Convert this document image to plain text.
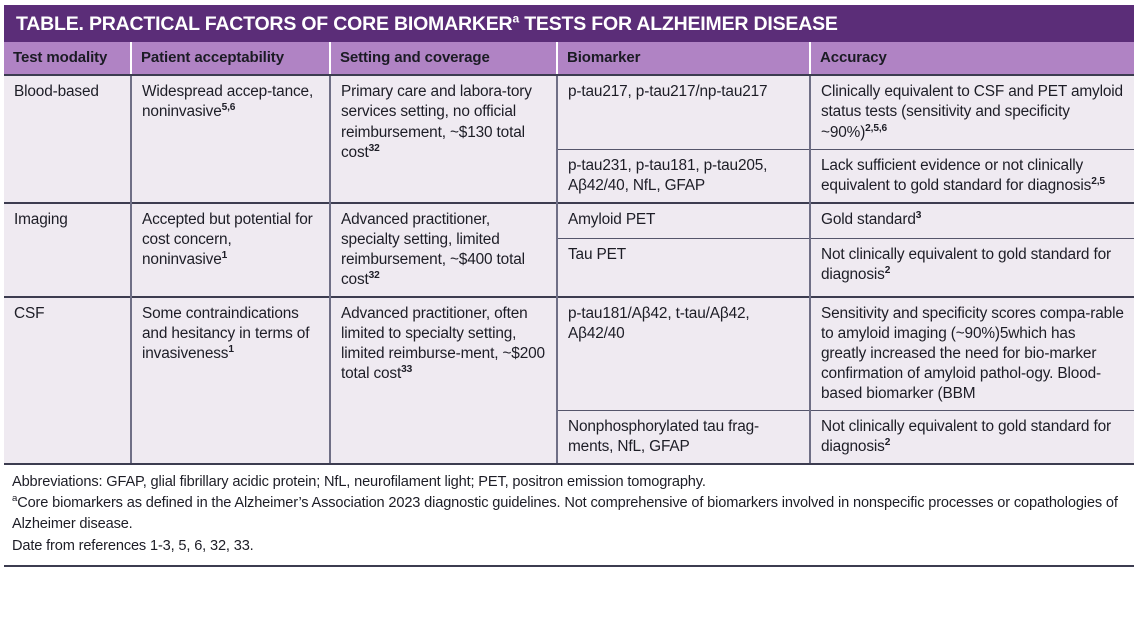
TABLE. PRACTICAL FACTORS OF CORE BIOMARKER$^a$ TESTS FOR ALZHEIMER DISEASE
Test modality	Patient acceptability	Setting and coverage	Biomarker	Accuracy
Blood-based	Widespread accep-tance, noninvasive$^{5,6}$	Primary care and labora-tory services setting, no official reimbursement, ~$130 total cost$^{32}$	p-tau217, p-tau217/np-tau217	Clinically equivalent to CSF and PET amyloid status tests (sensitivity and specificity ~90%)$^{2,5,6}$
			p-tau231, p-tau181, p-tau205, Aβ42/40, NfL, GFAP	Lack sufficient evidence or not clinically equivalent to gold standard for diagnosis$^{2,5}$
Imaging	Accepted but potential for cost concern, noninvasive$^1$	Advanced practitioner, specialty setting, limited reimbursement, ~$400 total cost$^{32}$	Amyloid PET	Gold standard$^3$
			Tau PET	Not clinically equivalent to gold standard for diagnosis$^2$
CSF	Some contraindications and hesitancy in terms of invasiveness$^1$	Advanced practitioner, often limited to specialty setting, limited reimburse-ment, ~$200 total cost$^{33}$	p-tau181/Aβ42, t-tau/Aβ42, Aβ42/40	Sensitivity and specificity scores compa-rable to amyloid imaging (~90%)5which has greatly increased the need for bio-marker confirmation of amyloid pathol-ogy. Blood-based biomarker (BBM
			Nonphosphorylated tau frag-ments, NfL, GFAP	Not clinically equivalent to gold standard for diagnosis$^2$

Abbreviations: GFAP, glial fibrillary acidic protein; NfL, neurofilament light; PET, positron emission tomography.

$^a$Core biomarkers as defined in the Alzheimer’s Association 2023 diagnostic guidelines. Not comprehensive of biomarkers involved in nonspecific processes or copathologies of Alzheimer disease.

Date from references 1-3, 5, 6, 32, 33.
